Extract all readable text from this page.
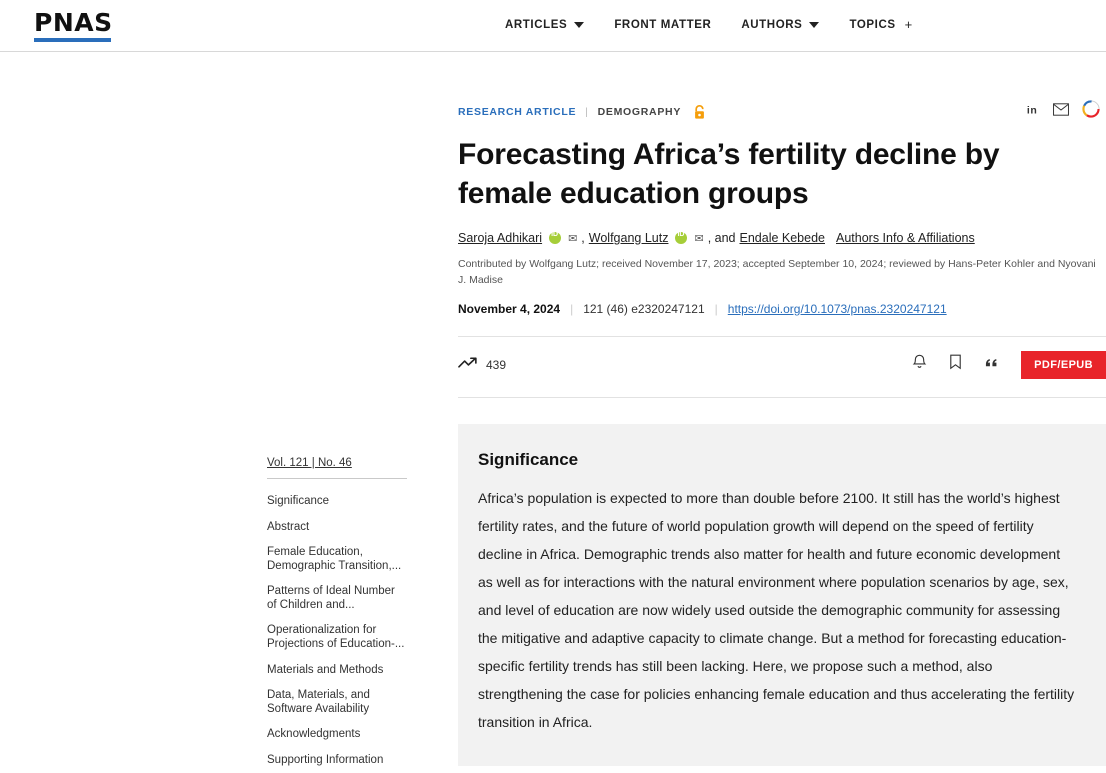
PNAS	ARTICLES	FRONT MATTER	AUTHORS	TOPICS +
Vol. 121 | No. 46
Significance
Abstract
Female Education, Demographic Transition,...
Patterns of Ideal Number of Children and...
Operationalization for Projections of Education-...
Materials and Methods
Data, Materials, and Software Availability
Acknowledgments
Supporting Information
RESEARCH ARTICLE | DEMOGRAPHY	in
Forecasting Africa’s fertility decline by female education groups
Saroja Adhikari iD ✉ , Wolfgang Lutz iD ✉ , and Endale Kebede Authors Info & Affiliations
Contributed by Wolfgang Lutz; received November 17, 2023; accepted September 10, 2024; reviewed by Hans-Peter Kohler and Nyovani J. Madise
November 4, 2024 | 121 (46) e2320247121 | https://doi.org/10.1073/pnas.2320247121
439	PDF/EPUB
Significance

Africa’s population is expected to more than double before 2100. It still has the world’s highest fertility rates, and the future of world population growth will depend on the speed of fertility decline in Africa. Demographic trends also matter for health and future economic development as well as for interactions with the natural environment where population scenarios by age, sex, and level of education are now widely used outside the demographic community for assessing the mitigative and adaptive capacity to climate change. But a method for forecasting education-specific fertility trends has still been lacking. Here, we propose such a method, also strengthening the case for policies enhancing female education and thus accelerating the fertility transition in Africa.
